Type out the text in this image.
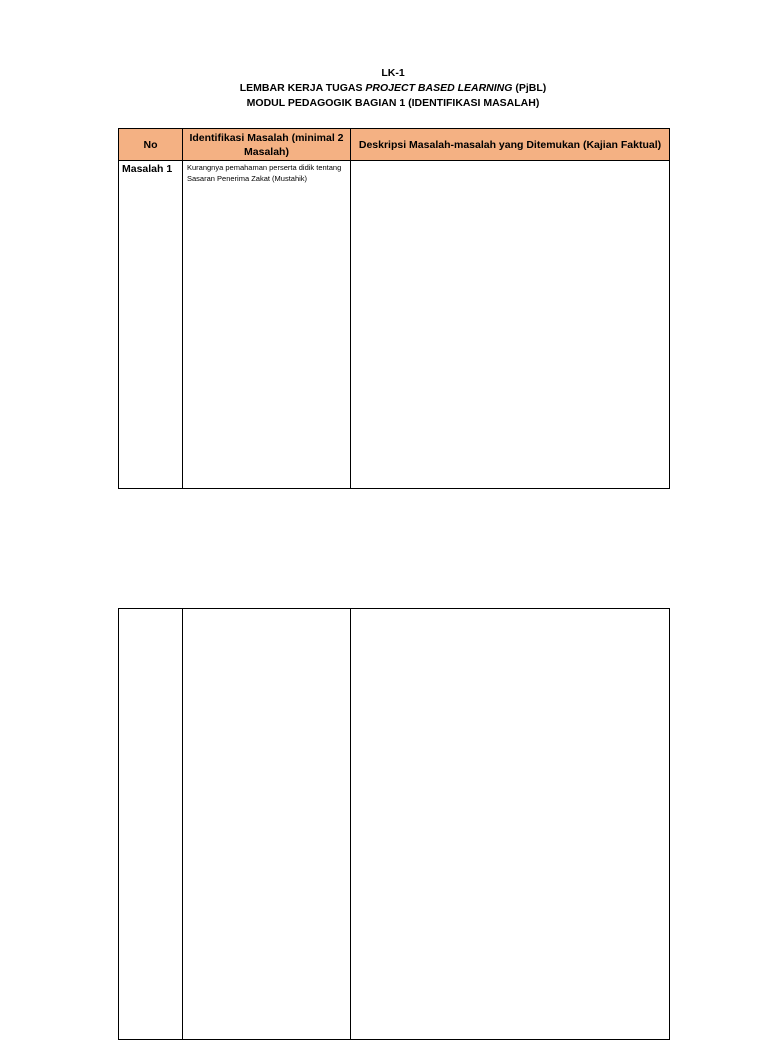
LK-1
LEMBAR KERJA TUGAS PROJECT BASED LEARNING (PjBL)
MODUL PEDAGOGIK BAGIAN 1 (IDENTIFIKASI MASALAH)
No	Identifikasi Masalah (minimal 2 Masalah)	Deskripsi Masalah-masalah yang Ditemukan (Kajian Faktual)
Masalah 1	Kurangnya pemahaman perserta didik tentang Sasaran Penerima Zakat (Mustahik)	
